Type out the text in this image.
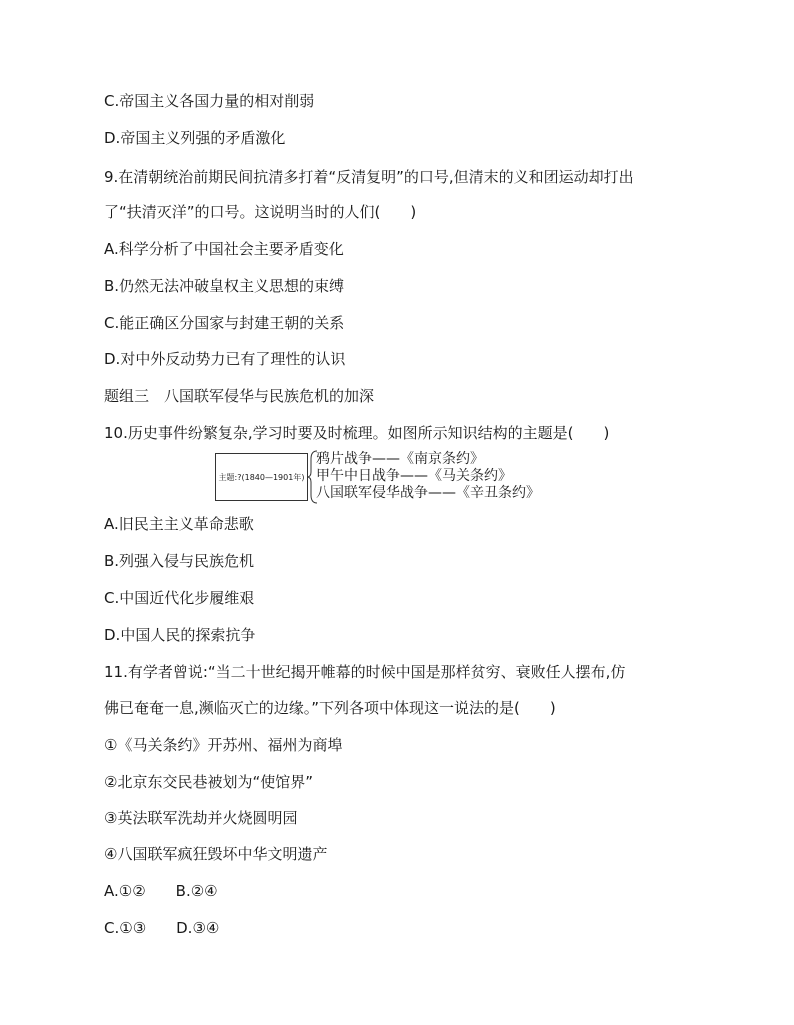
C.帝国主义各国力量的相对削弱
D.帝国主义列强的矛盾激化
9.在清朝统治前期民间抗清多打着“反清复明”的口号,但清末的义和团运动却打出
了“扶清灭洋”的口号。这说明当时的人们(　　)
A.科学分析了中国社会主要矛盾变化
B.仍然无法冲破皇权主义思想的束缚
C.能正确区分国家与封建王朝的关系
D.对中外反动势力已有了理性的认识
题组三　八国联军侵华与民族危机的加深
10.历史事件纷繁复杂,学习时要及时梳理。如图所示知识结构的主题是(　　)
主题:?(1840—1901年)
鸦片战争——《南京条约》
甲午中日战争——《马关条约》
八国联军侵华战争——《辛丑条约》
A.旧民主主义革命悲歌
B.列强入侵与民族危机
C.中国近代化步履维艰
D.中国人民的探索抗争
11.有学者曾说:“当二十世纪揭开帷幕的时候中国是那样贫穷、衰败任人摆布,仿
佛已奄奄一息,濒临灭亡的边缘。”下列各项中体现这一说法的是(　　)
①《马关条约》开苏州、福州为商埠
②北京东交民巷被划为“使馆界”
③英法联军洗劫并火烧圆明园
④八国联军疯狂毁坏中华文明遗产
A.①②　　B.②④
C.①③　　D.③④
